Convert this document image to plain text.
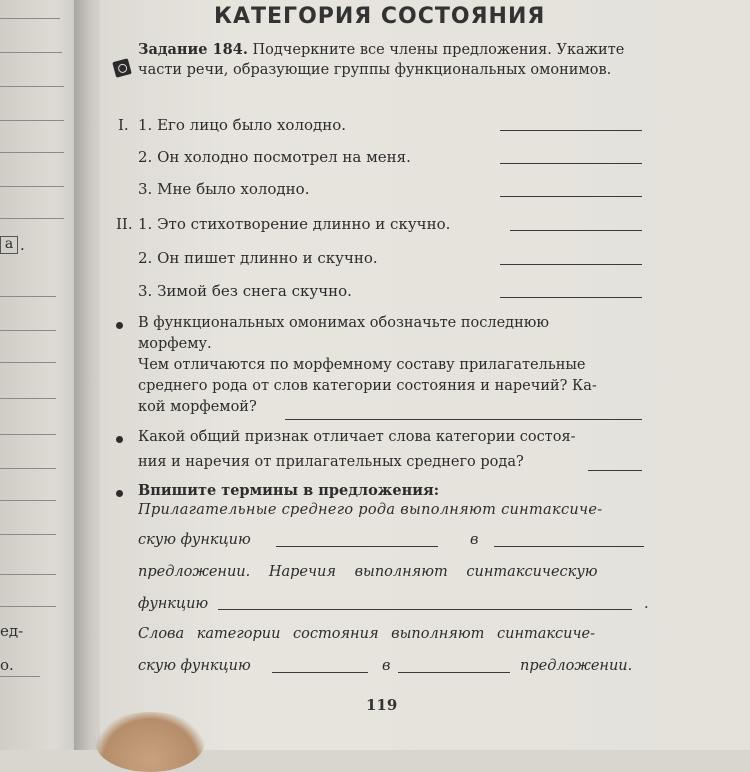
а .
ед-
о.
КАТЕГОРИЯ СОСТОЯНИЯ
Задание 184. Подчеркните все члены предложения. Укажите части речи, образующие группы функциональных омонимов.
I. 1. Его лицо было холодно.
2. Он холодно посмотрел на меня.
3. Мне было холодно.
II. 1. Это стихотворение длинно и скучно.
2. Он пишет длинно и скучно.
3. Зимой без снега скучно.
В функциональных омонимах обозначьте последнюю
морфему.
Чем отличаются по морфемному составу прилагательные
среднего рода от слов категории состояния и наречий? Ка-
кой морфемой?
Какой общий признак отличает слова категории состоя-
ния и наречия от прилагательных среднего рода?
Впишите термины в предложения:
Прилагательные среднего рода выполняют синтаксиче-
скую функцию	в
предложении. Наречия выполняют синтаксическую
функцию	.
Слова категории состояния выполняют синтаксиче-
скую функцию	в	предложении.
119
